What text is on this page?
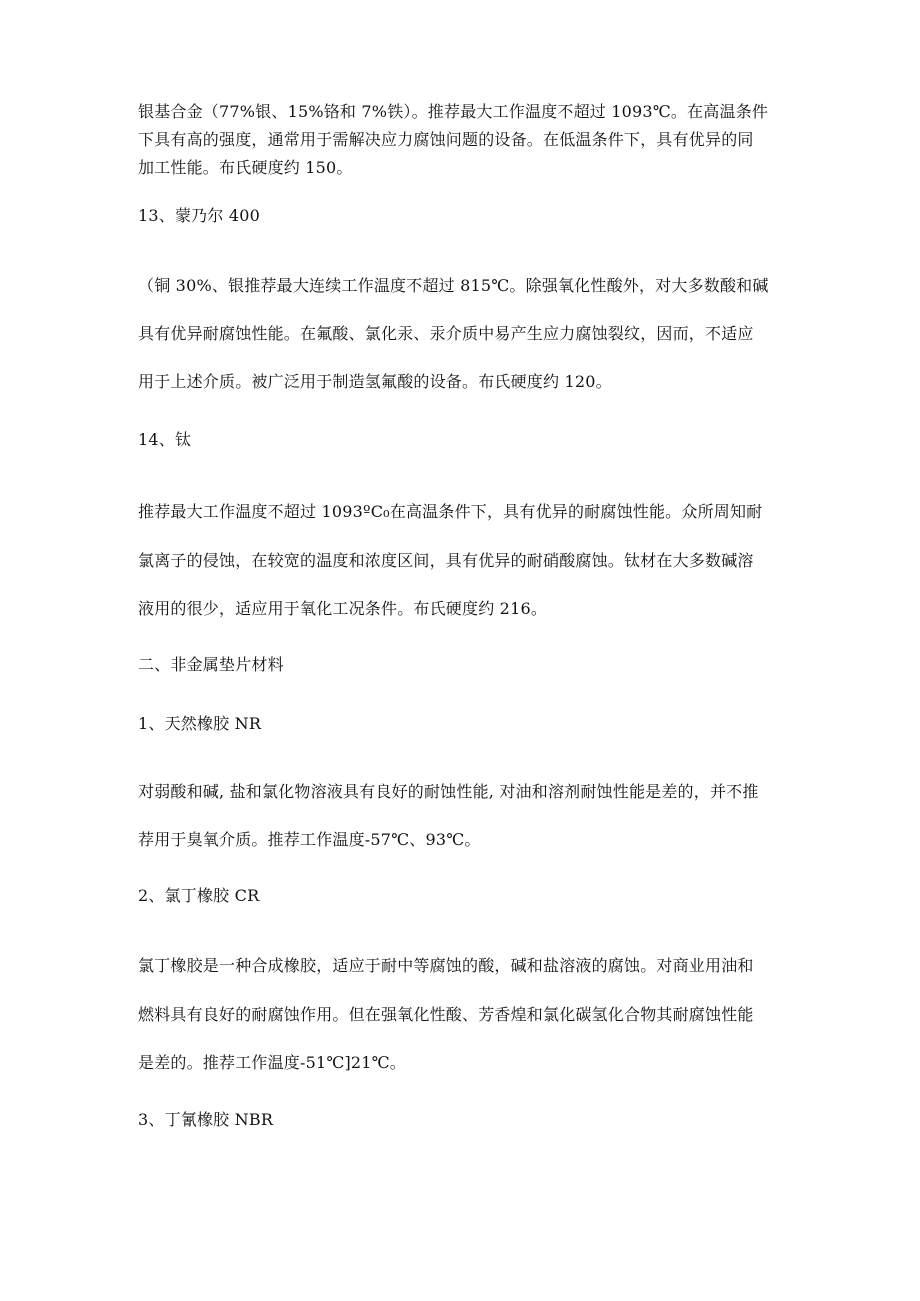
银基合金（77%银、15%铬和 7%铁）。推荐最大工作温度不超过 1093℃。在高温条件

下具有高的强度，通常用于需解决应力腐蚀问题的设备。在低温条件下，具有优异的同

加工性能。布氏硬度约 150。

13、蒙乃尔 400

（铜 30%、银推荐最大连续工作温度不超过 815℃。除强氧化性酸外，对大多数酸和碱

具有优异耐腐蚀性能。在氟酸、氯化汞、汞介质中易产生应力腐蚀裂纹，因而，不适应

用于上述介质。被广泛用于制造氢氟酸的设备。布氏硬度约 120。

14、钛

推荐最大工作温度不超过 1093ºC₀在高温条件下，具有优异的耐腐蚀性能。众所周知耐

氯离子的侵蚀，在较宽的温度和浓度区间，具有优异的耐硝酸腐蚀。钛材在大多数碱溶

液用的很少，适应用于氧化工况条件。布氏硬度约 216。

二、非金属垫片材料

1、天然橡胶 NR

对弱酸和碱, 盐和氯化物溶液具有良好的耐蚀性能, 对油和溶剂耐蚀性能是差的，并不推

荐用于臭氧介质。推荐工作温度-57℃、93℃。

2、氯丁橡胶 CR

氯丁橡胶是一种合成橡胶，适应于耐中等腐蚀的酸，碱和盐溶液的腐蚀。对商业用油和

燃料具有良好的耐腐蚀作用。但在强氧化性酸、芳香煌和氯化碳氢化合物其耐腐蚀性能

是差的。推荐工作温度-51℃]21℃。

3、丁氰橡胶 NBR
